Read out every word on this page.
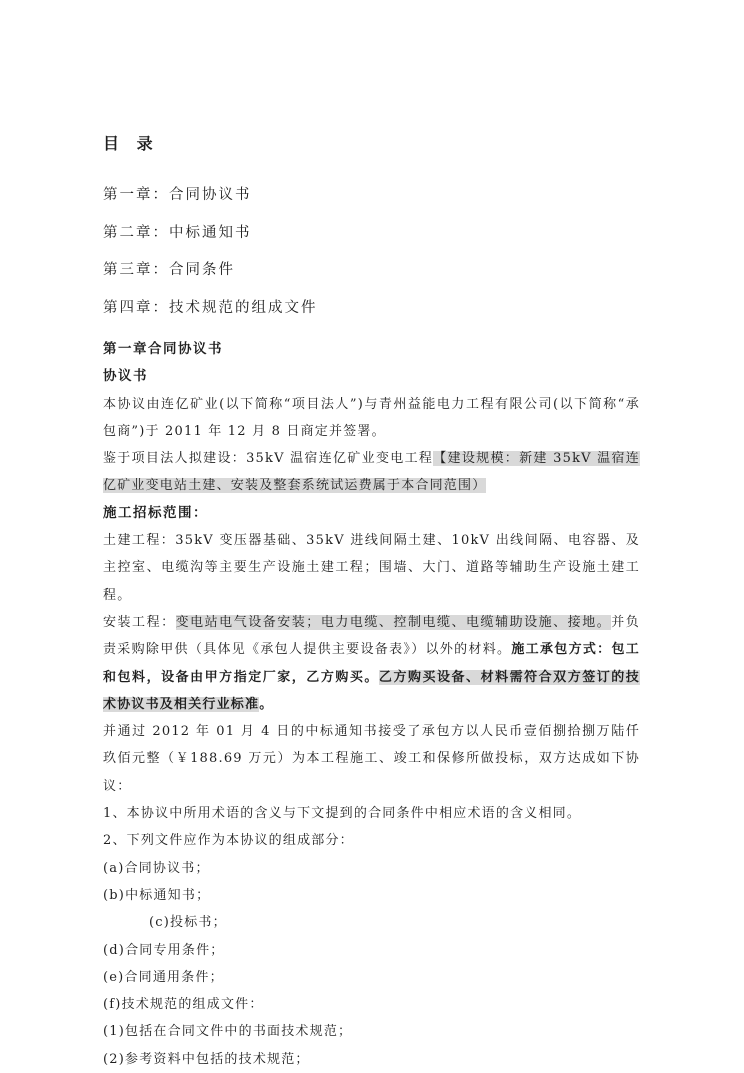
目 录
第一章：合同协议书
第二章：中标通知书
第三章：合同条件
第四章：技术规范的组成文件
第一章合同协议书
协议书

本协议由连亿矿业(以下简称“项目法人”)与青州益能电力工程有限公司(以下简称“承包商”)于 2011 年 12 月 8 日商定并签署。

鉴于项目法人拟建设：35kV 温宿连亿矿业变电工程【建设规模：新建 35kV 温宿连亿矿业变电站土建、安装及整套系统试运费属于本合同范围）

施工招标范围：

土建工程：35kV 变压器基础、35kV 进线间隔土建、10kV 出线间隔、电容器、及主控室、电缆沟等主要生产设施土建工程；围墙、大门、道路等辅助生产设施土建工程。

安装工程：变电站电气设备安装；电力电缆、控制电缆、电缆辅助设施、接地。并负责采购除甲供（具体见《承包人提供主要设备表》）以外的材料。施工承包方式：包工和包料，设备由甲方指定厂家，乙方购买。乙方购买设备、材料需符合双方签订的技术协议书及相关行业标准。

并通过 2012 年 01 月 4 日的中标通知书接受了承包方以人民币壹佰捌拾捌万陆仟玖佰元整（￥188.69 万元）为本工程施工、竣工和保修所做投标，双方达成如下协议：

1、本协议中所用术语的含义与下文提到的合同条件中相应术语的含义相同。

2、下列文件应作为本协议的组成部分：

(a)合同协议书；
(b)中标通知书；
(c)投标书；
(d)合同专用条件；
(e)合同通用条件；
(f)技术规范的组成文件：
(1)包括在合同文件中的书面技术规范；
(2)参考资料中包括的技术规范；
